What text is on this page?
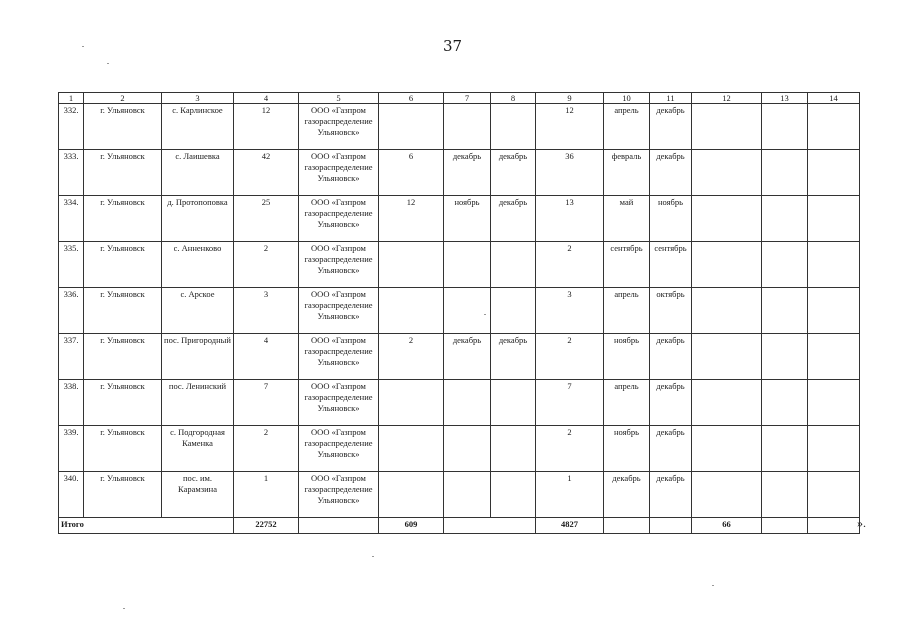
37
1	2	3	4	5	6	7	8	9	10	11	12	13	14
332.	г. Ульяновск	с. Карлинское	12	ООО «Газпром газораспределение Ульяновск»				12	апрель	декабрь			
333.	г. Ульяновск	с. Лаишевка	42	ООО «Газпром газораспределение Ульяновск»	6	декабрь	декабрь	36	февраль	декабрь			
334.	г. Ульяновск	д. Протопоповка	25	ООО «Газпром газораспределение Ульяновск»	12	ноябрь	декабрь	13	май	ноябрь			
335.	г. Ульяновск	с. Анненково	2	ООО «Газпром газораспределение Ульяновск»				2	сентябрь	сентябрь			
336.	г. Ульяновск	с. Арское	3	ООО «Газпром газораспределение Ульяновск»				3	апрель	октябрь			
337.	г. Ульяновск	пос. Пригородный	4	ООО «Газпром газораспределение Ульяновск»	2	декабрь	декабрь	2	ноябрь	декабрь			
338.	г. Ульяновск	пос. Ленинский	7	ООО «Газпром газораспределение Ульяновск»				7	апрель	декабрь			
339.	г. Ульяновск	с. Подгородная Каменка	2	ООО «Газпром газораспределение Ульяновск»				2	ноябрь	декабрь			
340.	г. Ульяновск	пос. им. Карамзина	1	ООО «Газпром газораспределение Ульяновск»				1	декабрь	декабрь			
Итого			22752		609			4827			66			».
